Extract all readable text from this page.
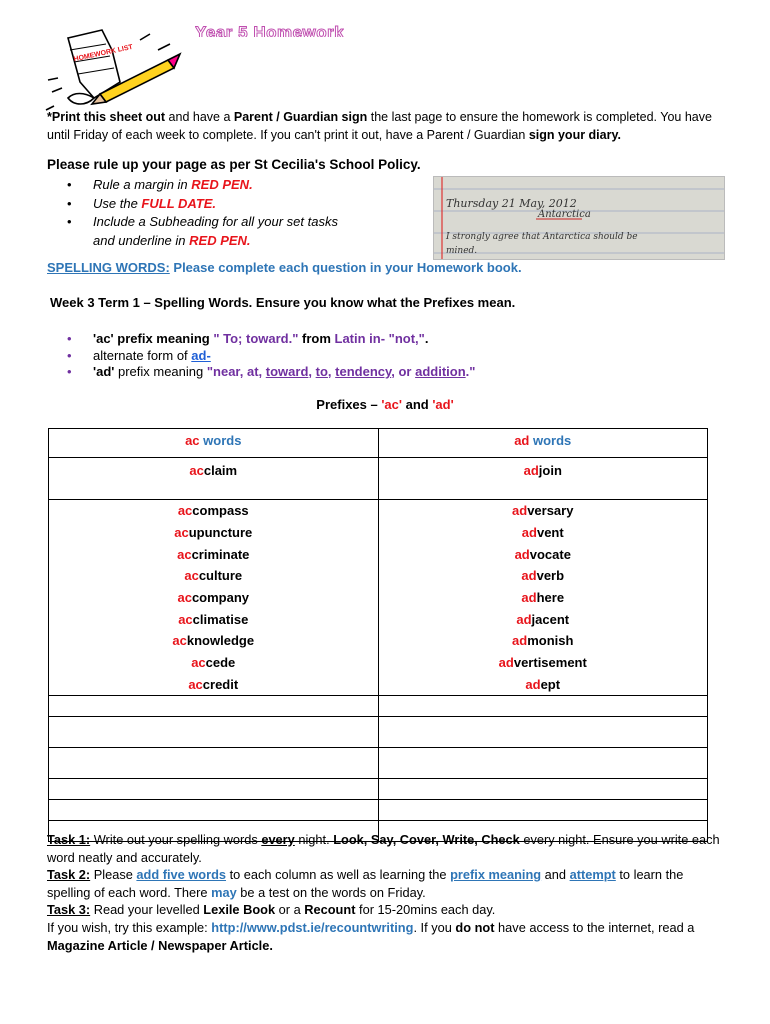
Year 5 Homework
HOMEWORK LIST
*Print this sheet out and have a Parent / Guardian sign the last page to ensure the homework is completed. You have until Friday of each week to complete. If you can't print it out, have a Parent / Guardian sign your diary.
Please rule up your page as per St Cecilia's School Policy.
• Rule a margin in RED PEN.
• Use the FULL DATE.
• Include a Subheading for all your set tasks
and underline in RED PEN.
Thursday 21 May, 2012
Antarctica
I strongly agree that Antarctica should be
mined.
SPELLING WORDS: Please complete each question in your Homework book.
Week 3 Term 1 – Spelling Words. Ensure you know what the Prefixes mean.
• 'ac' prefix meaning " To; toward." from Latin in- "not,".
• alternate form of ad-
• 'ad' prefix meaning "near, at, toward, to, tendency, or addition."
Prefixes – 'ac' and 'ad'
ac words	ad words
acclaim	adjoin
accompass	adversary
acupuncture	advent
accriminate	advocate
acculture	adverb
accompany	adhere
acclimatise	adjacent
acknowledge	admonish
accede	advertisement
accredit	adept

Task 1: Write out your spelling words every night. Look, Say, Cover, Write, Check every night. Ensure you write each word neatly and accurately.
Task 2: Please add five words to each column as well as learning the prefix meaning and attempt to learn the spelling of each word. There may be a test on the words on Friday.
Task 3: Read your levelled Lexile Book or a Recount for 15-20mins each day.
If you wish, try this example: http://www.pdst.ie/recountwriting. If you do not have access to the internet, read a Magazine Article / Newspaper Article.
